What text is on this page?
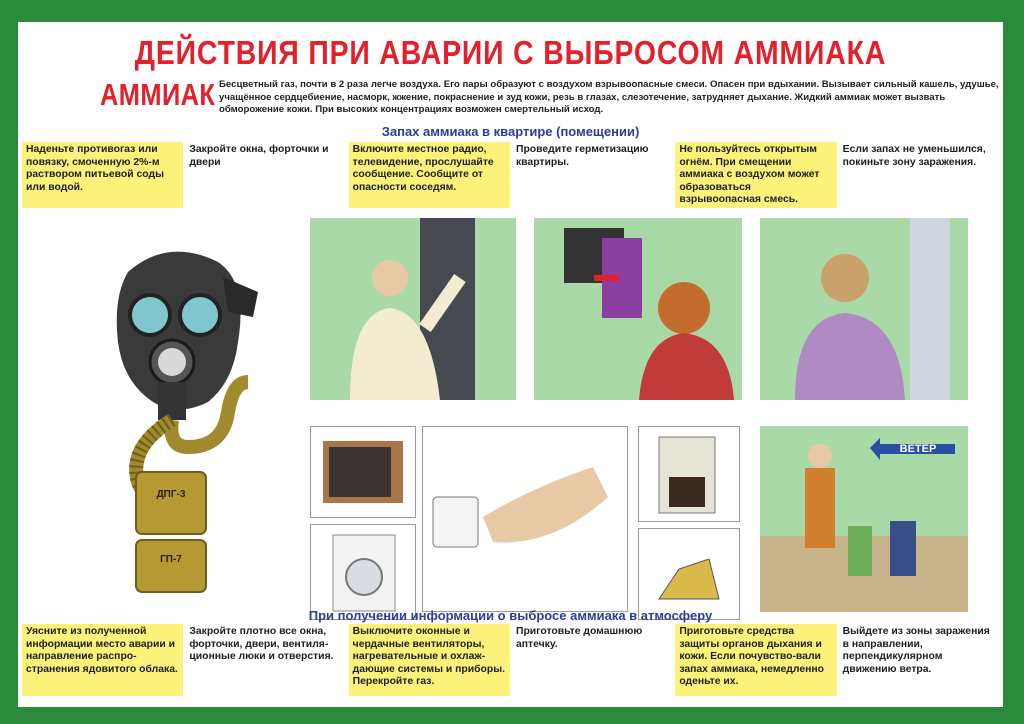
ДЕЙСТВИЯ ПРИ АВАРИИ С ВЫБРОСОМ АММИАКА
АММИАК Бесцветный газ, почти в 2 раза легче воздуха. Его пары образуют с воздухом взрывоопасные смеси. Опасен при вдыхании. Вызывает сильный кашель, удушье, учащённое сердцебиение, насморк, жжение, покраснение и зуд кожи, резь в глазах, слезотечение, затрудняет дыхание. Жидкий аммиак может вызвать обморожение кожи. При высоких концентрациях возможен смертельный исход.
Запах аммиака в квартире (помещении)
Наденьте противогаз или повязку, смоченную 2%-м раствором питьевой соды или водой.
Закройте окна, форточки и двери
Включите местное радио, телевидение, прослушайте сообщение. Сообщите от опасности соседям.
Проведите герметизацию квартиры.
Не пользуйтесь открытым огнём. При смещении аммиака с воздухом может образоваться взрывоопасная смесь.
Если запах не уменьшился, покиньте зону заражения.
ДПГ-3
ГП-7
ВЕТЕР
При получении информации о выбросе аммиака в атмосферу
Уясните из полученной информации место аварии и направление распро-странения ядовитого облака.
Закройте плотно все окна, форточки, двери, вентиля-ционные люки и отверстия.
Выключите оконные и чердачные вентиляторы, нагревательные и охлаж-дающие системы и приборы. Перекройте газ.
Приготовьте домашнюю аптечку.
Приготовьте средства защиты органов дыхания и кожи. Если почувство-вали запах аммиака, немедленно оденьте их.
Выйдете из зоны заражения в направлении, перпендикулярном движению ветра.
